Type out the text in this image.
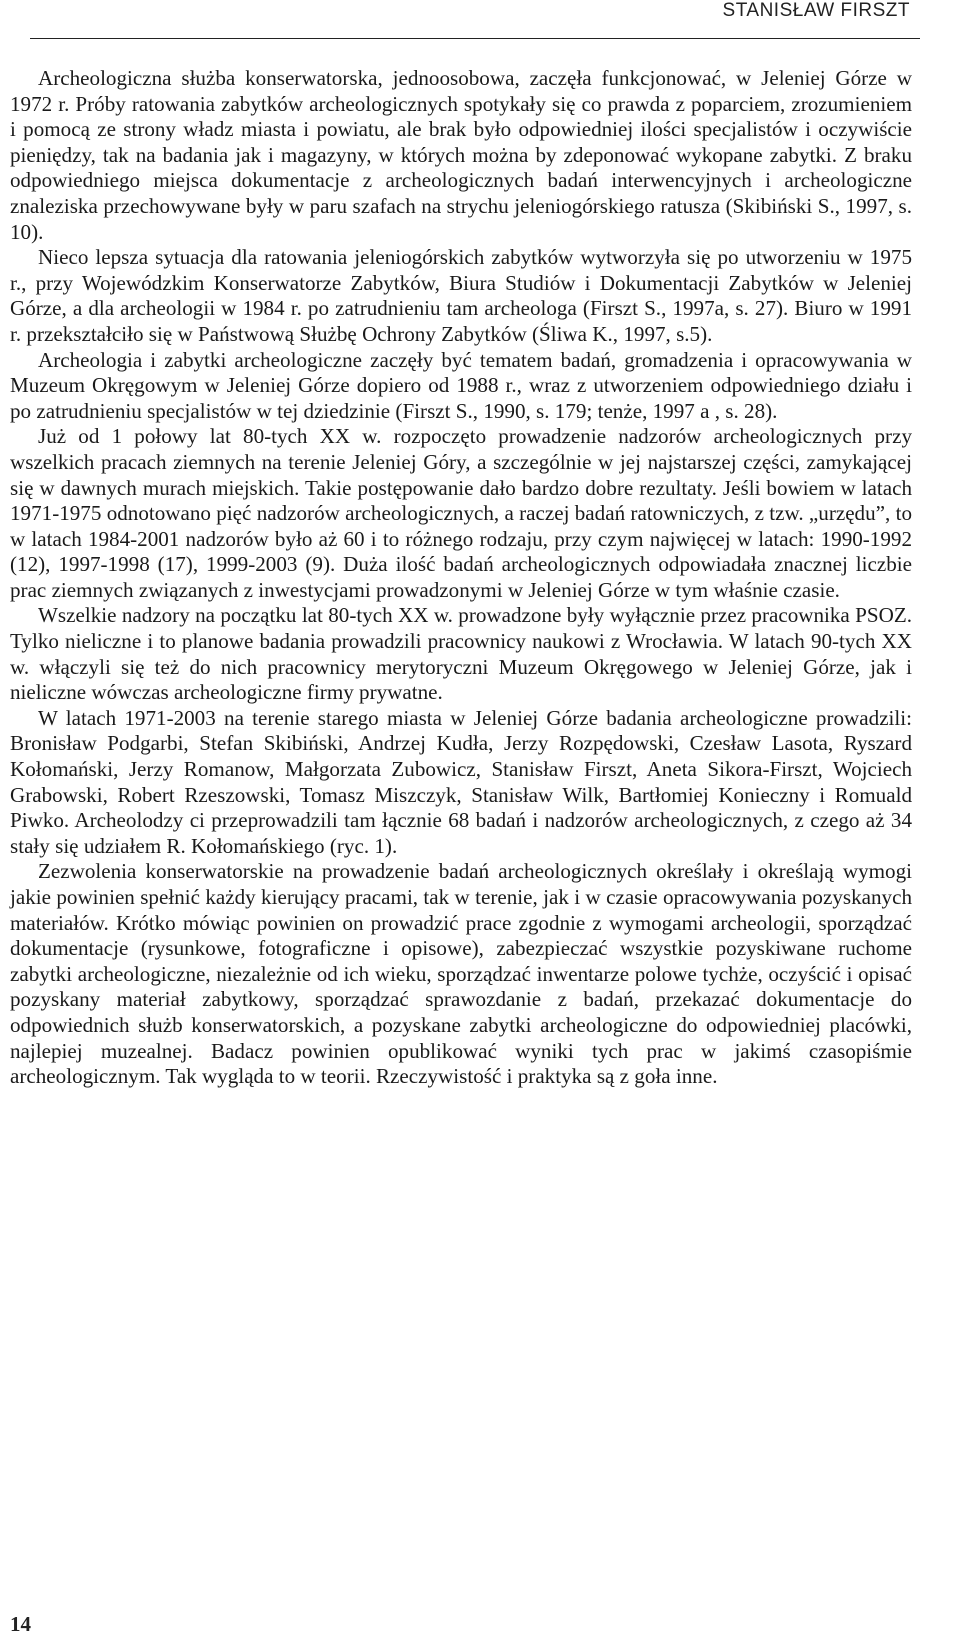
STANISŁAW FIRSZT

Archeologiczna służba konserwatorska, jednoosobowa, zaczęła funkcjonować, w Jeleniej Górze w 1972 r. Próby ratowania zabytków archeologicznych spotykały się co prawda z poparciem, zrozumieniem i pomocą ze strony władz miasta i powiatu, ale brak było odpowiedniej ilości specjalistów i oczywiście pieniędzy, tak na badania jak i magazyny, w których można by zdeponować wykopane zabytki. Z braku odpowiedniego miejsca dokumentacje z archeologicznych badań interwencyjnych i archeologiczne znaleziska przechowywane były w paru szafach na strychu jeleniogórskiego ratusza (Skibiński S., 1997, s. 10).

Nieco lepsza sytuacja dla ratowania jeleniogórskich zabytków wytworzyła się po utworzeniu w 1975 r., przy Wojewódzkim Konserwatorze Zabytków, Biura Studiów i Dokumentacji Zabytków w Jeleniej Górze, a dla archeologii w 1984 r. po zatrudnieniu tam archeologa (Firszt S., 1997a, s. 27). Biuro w 1991 r. przekształciło się w Państwową Służbę Ochrony Zabytków (Śliwa K., 1997, s.5).

Archeologia i zabytki archeologiczne zaczęły być tematem badań, gromadzenia i opracowywania w Muzeum Okręgowym w Jeleniej Górze dopiero od 1988 r., wraz z utworzeniem odpowiedniego działu i po zatrudnieniu specjalistów w tej dziedzinie (Firszt S., 1990, s. 179; tenże, 1997 a , s. 28).

Już od 1 połowy lat 80-tych XX w. rozpoczęto prowadzenie nadzorów archeologicznych przy wszelkich pracach ziemnych na terenie Jeleniej Góry, a szczególnie w jej najstarszej części, zamykającej się w dawnych murach miejskich. Takie postępowanie dało bardzo dobre rezultaty. Jeśli bowiem w latach 1971-1975 odnotowano pięć nadzorów archeologicznych, a raczej badań ratowniczych, z tzw. „urzędu”, to w latach 1984-2001 nadzorów było aż 60 i to różnego rodzaju, przy czym najwięcej w latach: 1990-1992 (12), 1997-1998 (17), 1999-2003 (9). Duża ilość badań archeologicznych odpowiadała znacznej liczbie prac ziemnych związanych z inwestycjami prowadzonymi w Jeleniej Górze w tym właśnie czasie.

Wszelkie nadzory na początku lat 80-tych XX w. prowadzone były wyłącznie przez pracownika PSOZ. Tylko nieliczne i to planowe badania prowadzili pracownicy naukowi z Wrocławia. W latach 90-tych XX w. włączyli się też do nich pracownicy merytoryczni Muzeum Okręgowego w Jeleniej Górze, jak i nieliczne wówczas archeologiczne firmy prywatne.

W latach 1971-2003 na terenie starego miasta w Jeleniej Górze badania archeologiczne prowadzili: Bronisław Podgarbi, Stefan Skibiński, Andrzej Kudła, Jerzy Rozpędowski, Czesław Lasota, Ryszard Kołomański, Jerzy Romanow, Małgorzata Zubowicz, Stanisław Firszt, Aneta Sikora-Firszt, Wojciech Grabowski, Robert Rzeszowski, Tomasz Miszczyk, Stanisław Wilk, Bartłomiej Konieczny i Romuald Piwko. Archeolodzy ci przeprowadzili tam łącznie 68 badań i nadzorów archeologicznych, z czego aż 34 stały się udziałem R. Kołomańskiego (ryc. 1).

Zezwolenia konserwatorskie na prowadzenie badań archeologicznych określały i określają wymogi jakie powinien spełnić każdy kierujący pracami, tak w terenie, jak i w czasie opracowywania pozyskanych materiałów. Krótko mówiąc powinien on prowadzić prace zgodnie z wymogami archeologii, sporządzać dokumentacje (rysunkowe, fotograficzne i opisowe), zabezpieczać wszystkie pozyskiwane ruchome zabytki archeologiczne, niezależnie od ich wieku, sporządzać inwentarze polowe tychże, oczyścić i opisać pozyskany materiał zabytkowy, sporządzać sprawozdanie z badań, przekazać dokumentacje do odpowiednich służb konserwatorskich, a pozyskane zabytki archeologiczne do odpowiedniej placówki, najlepiej muzealnej. Badacz powinien opublikować wyniki tych prac w jakimś czasopiśmie archeologicznym. Tak wygląda to w teorii. Rzeczywistość i praktyka są z goła inne.

14
